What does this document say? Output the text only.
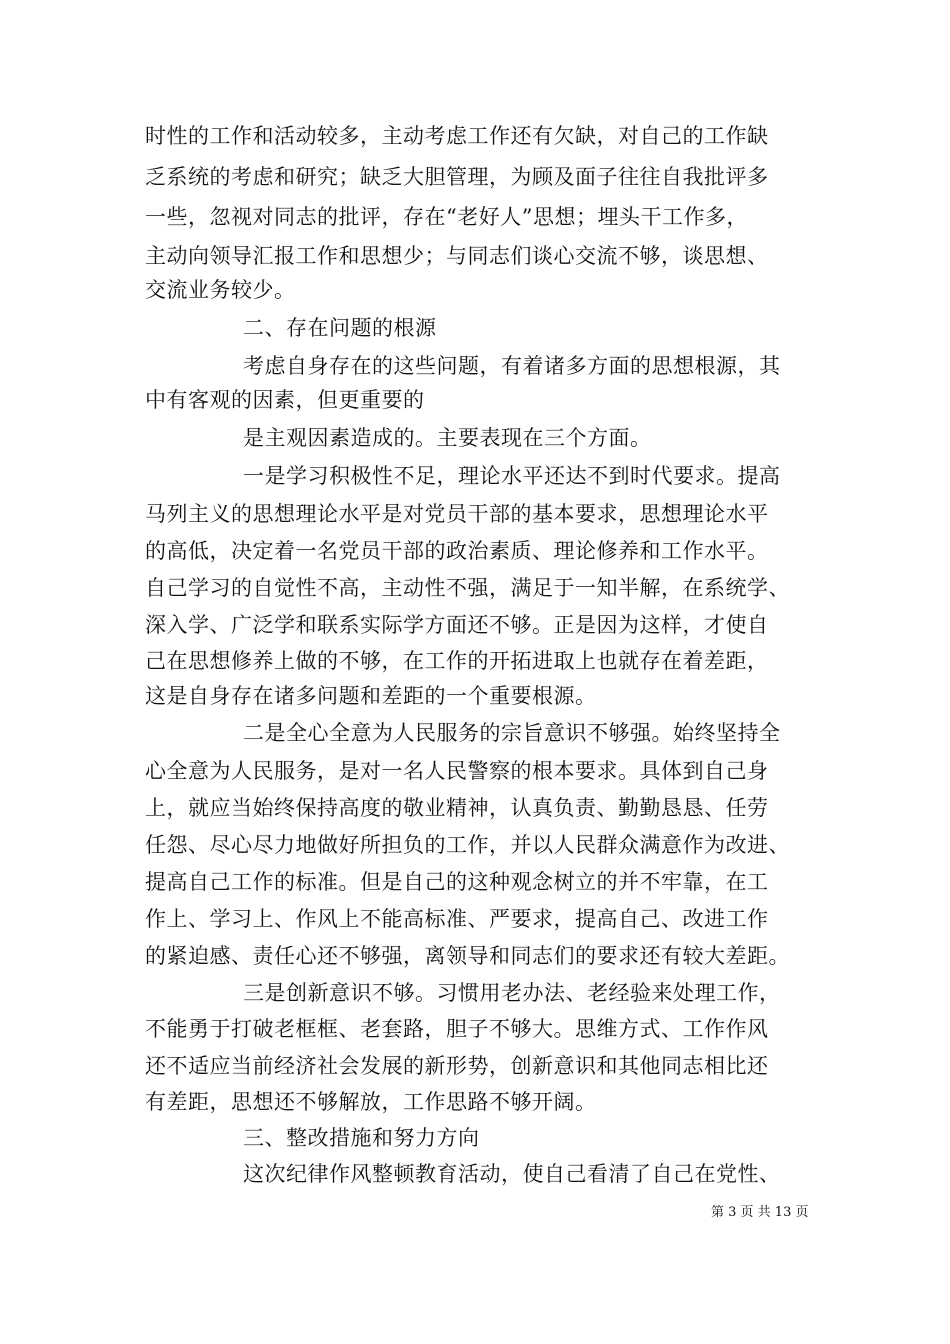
时性的工作和活动较多，主动考虑工作还有欠缺，对自己的工作缺
乏系统的考虑和研究；缺乏大胆管理，为顾及面子往往自我批评多
一些，忽视对同志的批评，存在“老好人”思想；埋头干工作多，
主动向领导汇报工作和思想少；与同志们谈心交流不够，谈思想、
交流业务较少。
二、存在问题的根源
考虑自身存在的这些问题，有着诸多方面的思想根源，其
中有客观的因素，但更重要的
是主观因素造成的。主要表现在三个方面。
一是学习积极性不足，理论水平还达不到时代要求。提高
马列主义的思想理论水平是对党员干部的基本要求，思想理论水平
的高低，决定着一名党员干部的政治素质、理论修养和工作水平。
自己学习的自觉性不高，主动性不强，满足于一知半解，在系统学、
深入学、广泛学和联系实际学方面还不够。正是因为这样，才使自
己在思想修养上做的不够，在工作的开拓进取上也就存在着差距，
这是自身存在诸多问题和差距的一个重要根源。
二是全心全意为人民服务的宗旨意识不够强。始终坚持全
心全意为人民服务，是对一名人民警察的根本要求。具体到自己身
上，就应当始终保持高度的敬业精神，认真负责、勤勤恳恳、任劳
任怨、尽心尽力地做好所担负的工作，并以人民群众满意作为改进、
提高自己工作的标准。但是自己的这种观念树立的并不牢靠，在工
作上、学习上、作风上不能高标准、严要求，提高自己、改进工作
的紧迫感、责任心还不够强，离领导和同志们的要求还有较大差距。
三是创新意识不够。习惯用老办法、老经验来处理工作，
不能勇于打破老框框、老套路，胆子不够大。思维方式、工作作风
还不适应当前经济社会发展的新形势，创新意识和其他同志相比还
有差距，思想还不够解放，工作思路不够开阔。
三、整改措施和努力方向
这次纪律作风整顿教育活动，使自己看清了自己在党性、
第 3 页 共 13 页
